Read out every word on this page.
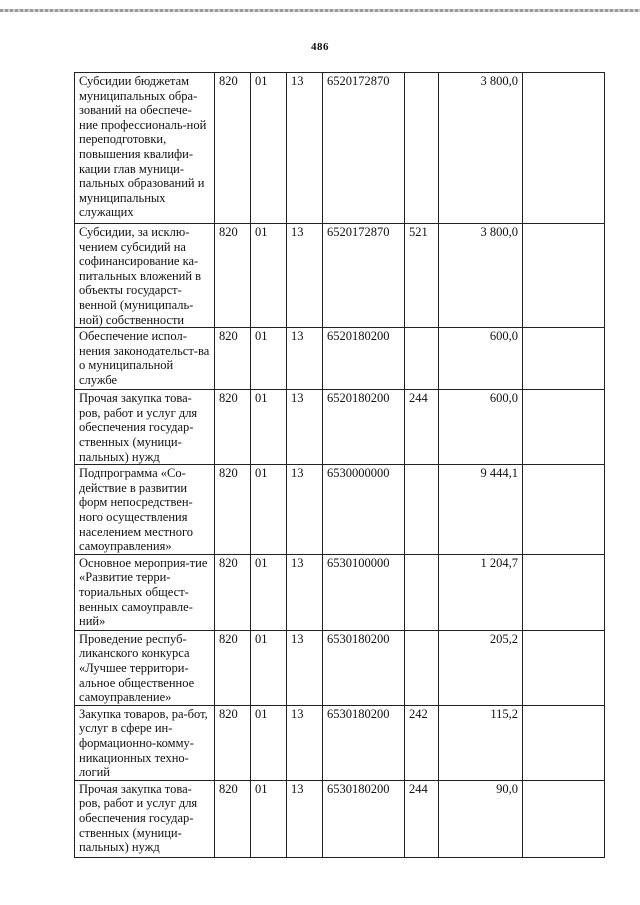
486
Субсидии бюджетам муниципальных обра-зований на обеспече-ние профессиональ-ной переподготовки, повышения квалифи-кации глав муници-пальных образований и муниципальных служащих	820	01	13	6520172870		3 800,0	
Субсидии, за исклю-чением субсидий на софинансирование ка-питальных вложений в объекты государст-венной (муниципаль-ной) собственности	820	01	13	6520172870	521	3 800,0	
Обеспечение испол-нения законодательст-ва о муниципальной службе	820	01	13	6520180200		600,0	
Прочая закупка това-ров, работ и услуг для обеспечения государ-ственных (муници-пальных) нужд	820	01	13	6520180200	244	600,0	
Подпрограмма «Со-действие в развитии форм непосредствен-ного осуществления населением местного самоуправления»	820	01	13	6530000000		9 444,1	
Основное мероприя-тие «Развитие терри-ториальных общест-венных самоуправле-ний»	820	01	13	6530100000		1 204,7	
Проведение респуб-ликанского конкурса «Лучшее территори-альное общественное самоуправление»	820	01	13	6530180200		205,2	
Закупка товаров, ра-бот, услуг в сфере ин-формационно-комму-никационных техно-логий	820	01	13	6530180200	242	115,2	
Прочая закупка това-ров, работ и услуг для обеспечения государ-ственных (муници-пальных) нужд	820	01	13	6530180200	244	90,0	
